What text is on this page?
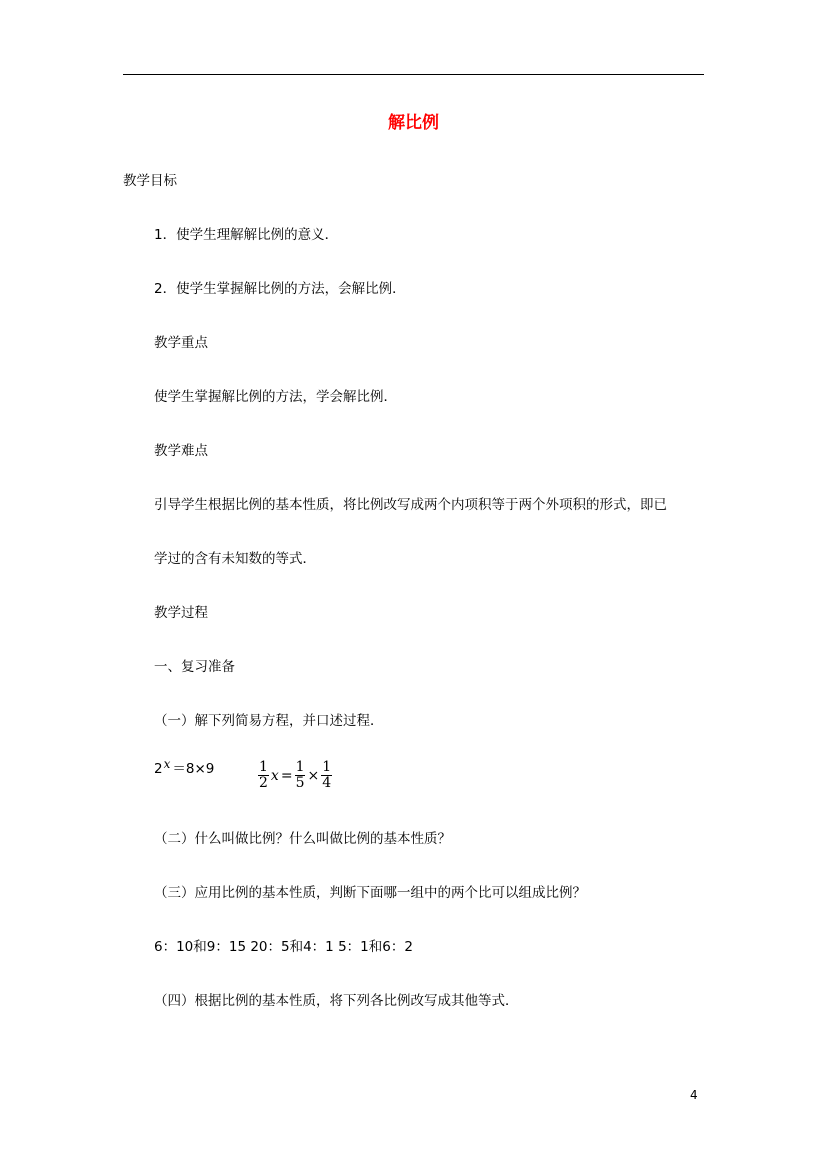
解比例
教学目标
1．使学生理解解比例的意义．
2．使学生掌握解比例的方法，会解比例．
教学重点
使学生掌握解比例的方法，学会解比例．
教学难点
引导学生根据比例的基本性质，将比例改写成两个内项积等于两个外项积的形式，即已
学过的含有未知数的等式．
教学过程
一、复习准备
（一）解下列简易方程，并口述过程．
2x ＝8×9	$\frac{1}{2}$ $x = \frac{1}{5} \times \frac{1}{4}$
（二）什么叫做比例？什么叫做比例的基本性质？
（三）应用比例的基本性质，判断下面哪一组中的两个比可以组成比例？
6：10和9：15 20：5和4：1 5：1和6：2
（四）根据比例的基本性质，将下列各比例改写成其他等式．
4
